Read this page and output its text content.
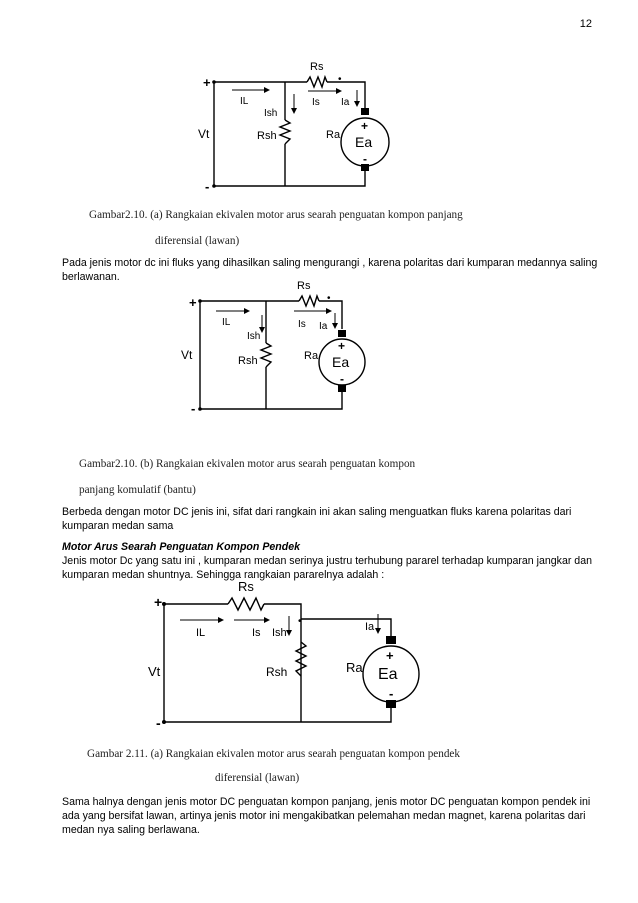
12
+
-
Rs
•
Rsh
+
Ea
-
Ra
Vt
IL
Ish
Is Ia
Gambar2.10. (a) Rangkaian ekivalen motor arus searah penguatan kompon panjang
diferensial (lawan)
Pada jenis motor dc ini fluks yang dihasilkan saling mengurangi , karena polaritas dari kumparan medannya saling berlawanan.
+
-
Rs
•
Rsh
+
Ea
-
Ra
Vt
IL
Ish
Is Ia
Gambar2.10. (b) Rangkaian ekivalen motor arus searah penguatan kompon
panjang komulatif (bantu)
Berbeda dengan motor DC jenis ini, sifat dari rangkain ini akan saling menguatkan fluks karena polaritas dari kumparan medan sama
Motor Arus Searah Penguatan Kompon Pendek
Jenis motor Dc yang satu ini , kumparan medan serinya justru terhubung pararel terhadap kumparan jangkar dan kumparan medan shuntnya. Sehingga rangkaian pararelnya adalah :
+
-
Rs
Rsh
•
+
Ea
-
Ra
Vt
IL	Is Ish	Ia
Gambar 2.11. (a) Rangkaian ekivalen motor arus searah penguatan kompon pendek
diferensial (lawan)
Sama halnya dengan jenis motor DC penguatan kompon panjang, jenis motor DC penguatan kompon pendek ini ada yang bersifat lawan, artinya jenis motor ini mengakibatkan pelemahan medan magnet, karena polaritas dari medan nya saling berlawana.
